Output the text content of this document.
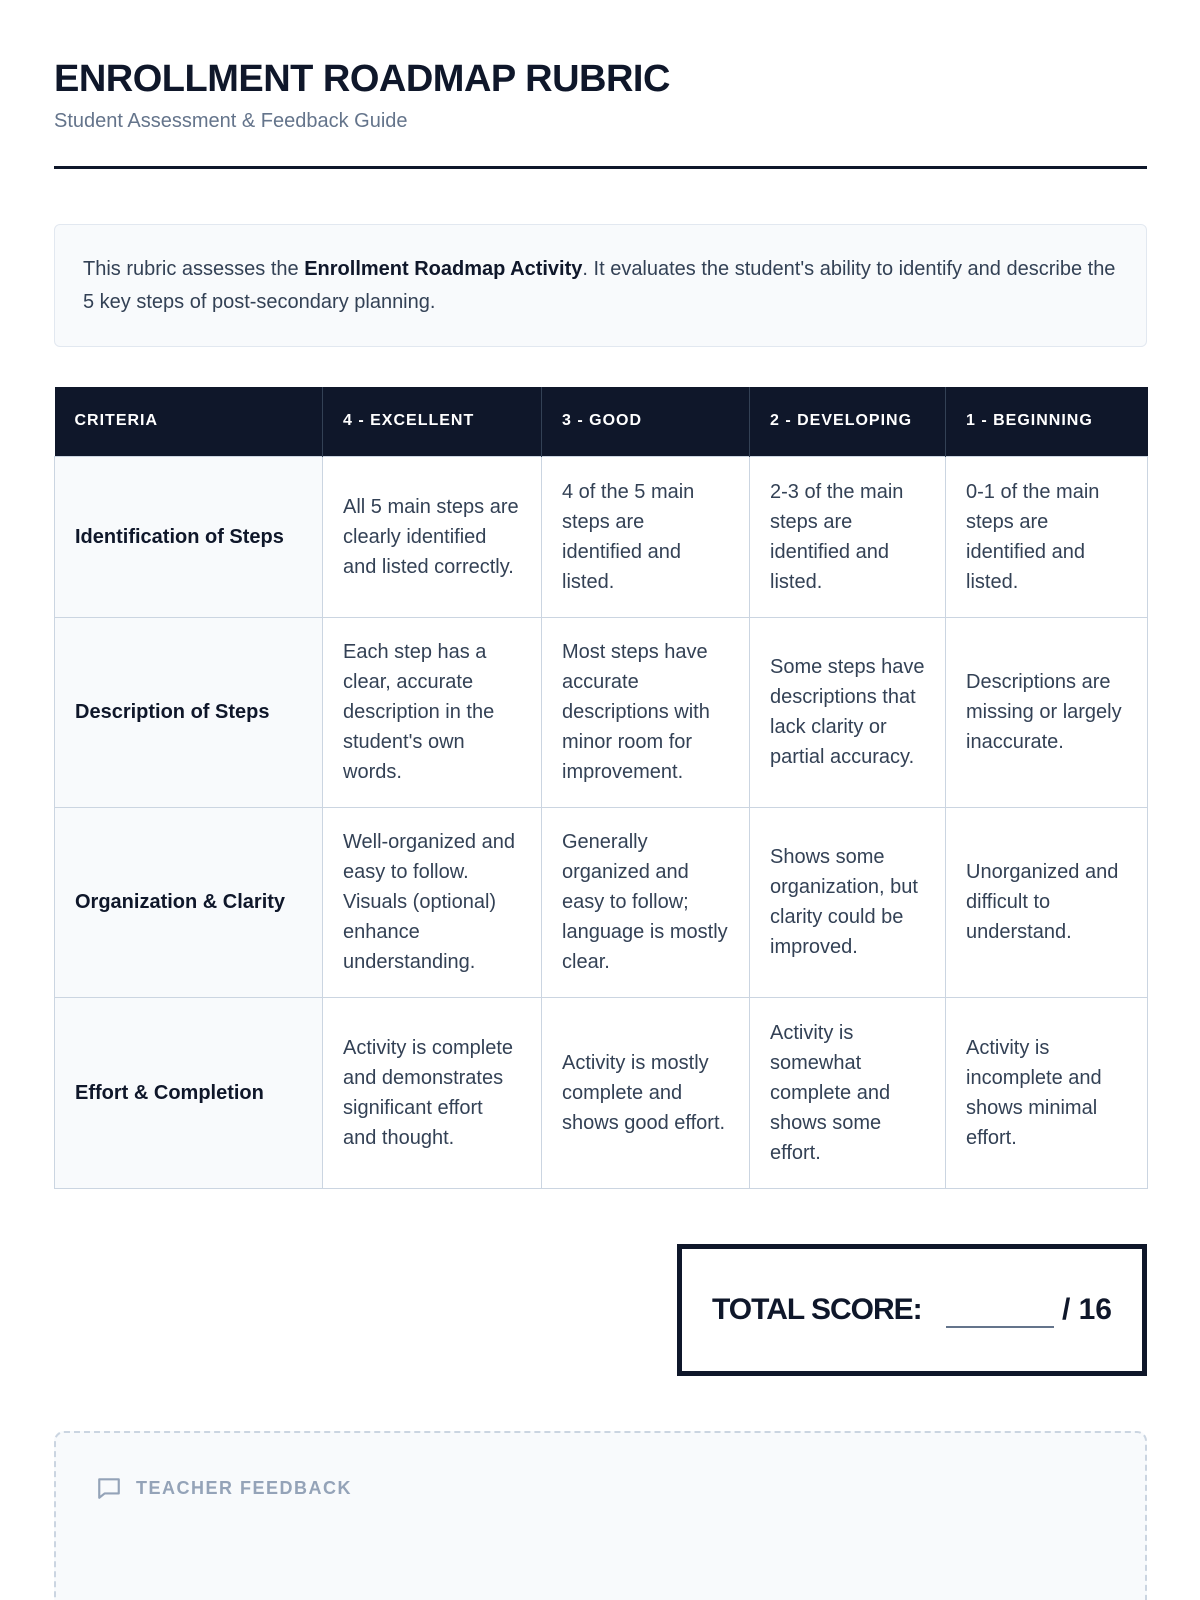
ENROLLMENT ROADMAP RUBRIC
Student Assessment & Feedback Guide
This rubric assesses the Enrollment Roadmap Activity. It evaluates the student's ability to identify and describe the 5 key steps of post-secondary planning.
CRITERIA	4 - EXCELLENT	3 - GOOD	2 - DEVELOPING	1 - BEGINNING
Identification of Steps	All 5 main steps are clearly identified and listed correctly.	4 of the 5 main steps are identified and listed.	2-3 of the main steps are identified and listed.	0-1 of the main steps are identified and listed.
Description of Steps	Each step has a clear, accurate description in the student's own words.	Most steps have accurate descriptions with minor room for improvement.	Some steps have descriptions that lack clarity or partial accuracy.	Descriptions are missing or largely inaccurate.
Organization & Clarity	Well-organized and easy to follow. Visuals (optional) enhance understanding.	Generally organized and easy to follow; language is mostly clear.	Shows some organization, but clarity could be improved.	Unorganized and difficult to understand.
Effort & Completion	Activity is complete and demonstrates significant effort and thought.	Activity is mostly complete and shows good effort.	Activity is somewhat complete and shows some effort.	Activity is incomplete and shows minimal effort.
TOTAL SCORE:	/ 16
TEACHER FEEDBACK
